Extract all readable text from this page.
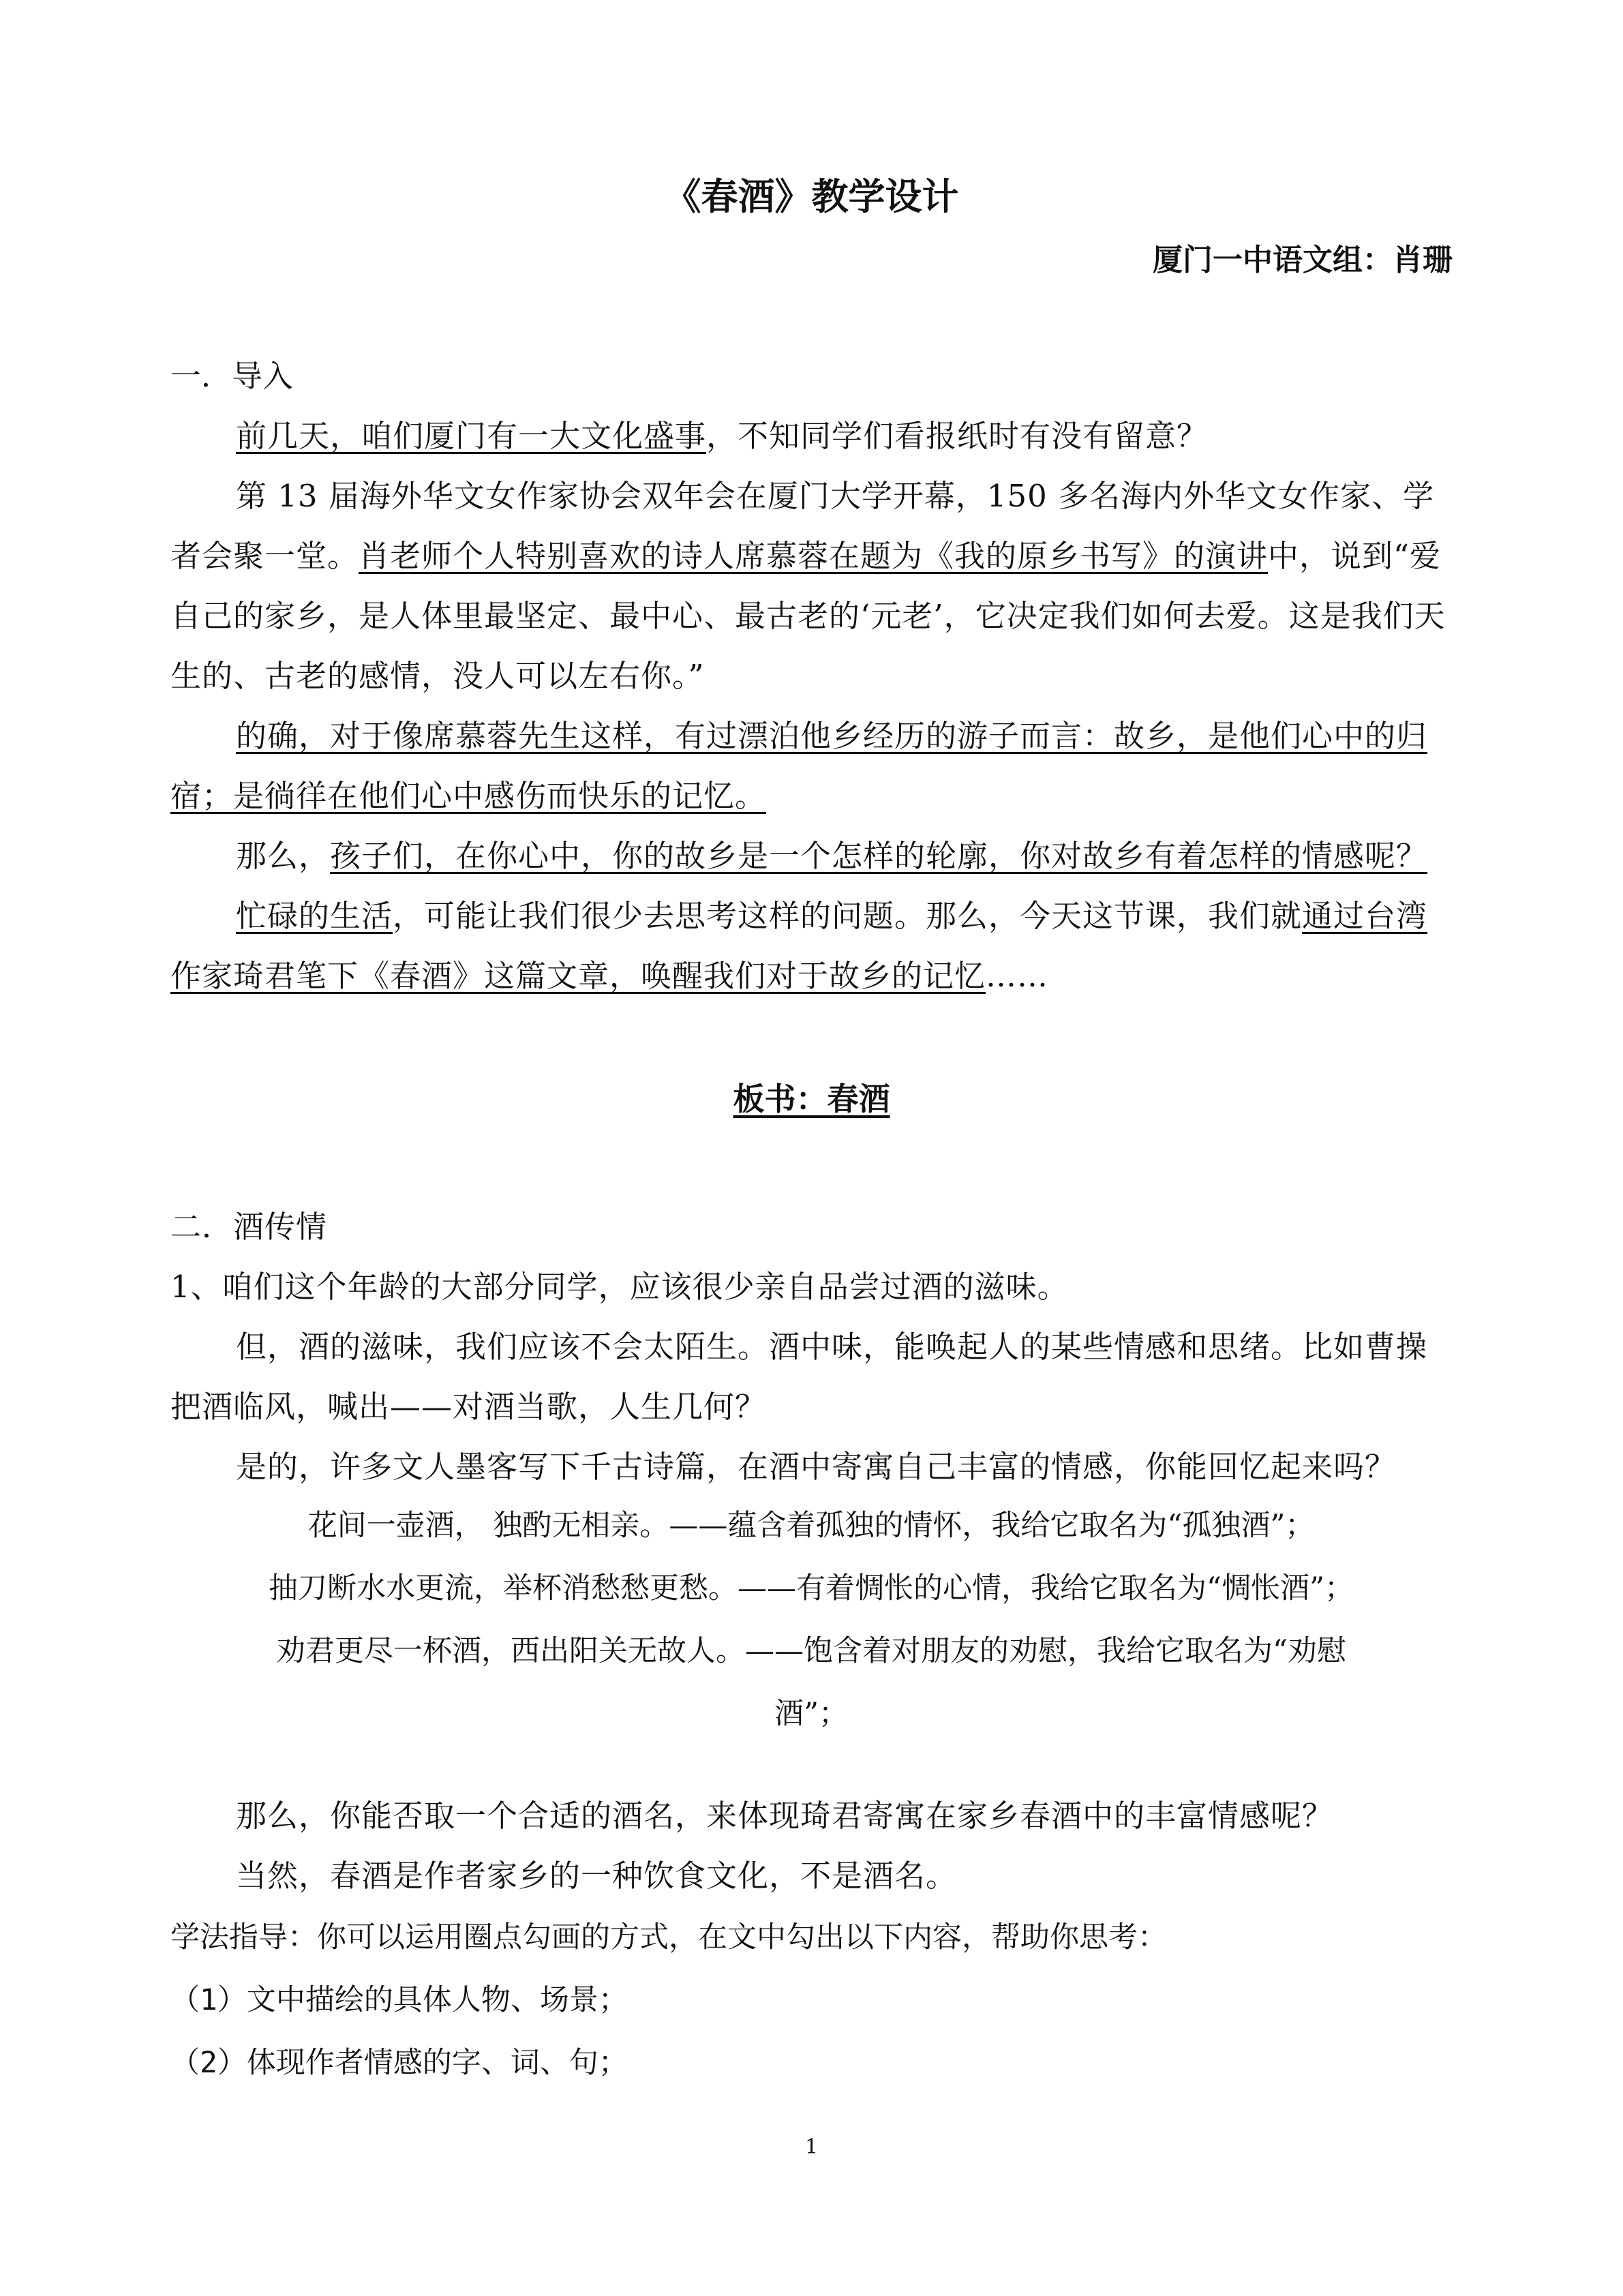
《春酒》教学设计
厦门一中语文组：肖珊

一．导入

前几天，咱们厦门有一大文化盛事，不知同学们看报纸时有没有留意？

第 13 届海外华文女作家协会双年会在厦门大学开幕，150 多名海内外华文女作家、学者会聚一堂。肖老师个人特别喜欢的诗人席慕蓉在题为《我的原乡书写》的演讲中，说到“爱自己的家乡，是人体里最坚定、最中心、最古老的‘元老’，它决定我们如何去爱。这是我们天生的、古老的感情，没人可以左右你。”

的确，对于像席慕蓉先生这样，有过漂泊他乡经历的游子而言：故乡，是他们心中的归宿；是徜徉在他们心中感伤而快乐的记忆。

那么，孩子们，在你心中，你的故乡是一个怎样的轮廓，你对故乡有着怎样的情感呢？

忙碌的生活，可能让我们很少去思考这样的问题。那么，今天这节课，我们就通过台湾作家琦君笔下《春酒》这篇文章，唤醒我们对于故乡的记忆……

板书：春酒

二．酒传情

1、咱们这个年龄的大部分同学，应该很少亲自品尝过酒的滋味。

但，酒的滋味，我们应该不会太陌生。酒中味，能唤起人的某些情感和思绪。比如曹操把酒临风，喊出——对酒当歌，人生几何？

是的，许多文人墨客写下千古诗篇，在酒中寄寓自己丰富的情感，你能回忆起来吗？

花间一壶酒， 独酌无相亲。——蕴含着孤独的情怀，我给它取名为“孤独酒”；

抽刀断水水更流，举杯消愁愁更愁。——有着惆怅的心情，我给它取名为“惆怅酒”；

劝君更尽一杯酒，西出阳关无故人。——饱含着对朋友的劝慰，我给它取名为“劝慰

酒”；

那么，你能否取一个合适的酒名，来体现琦君寄寓在家乡春酒中的丰富情感呢？

当然，春酒是作者家乡的一种饮食文化，不是酒名。

学法指导：你可以运用圈点勾画的方式，在文中勾出以下内容，帮助你思考：

（1）文中描绘的具体人物、场景；

（2）体现作者情感的字、词、句；

1
